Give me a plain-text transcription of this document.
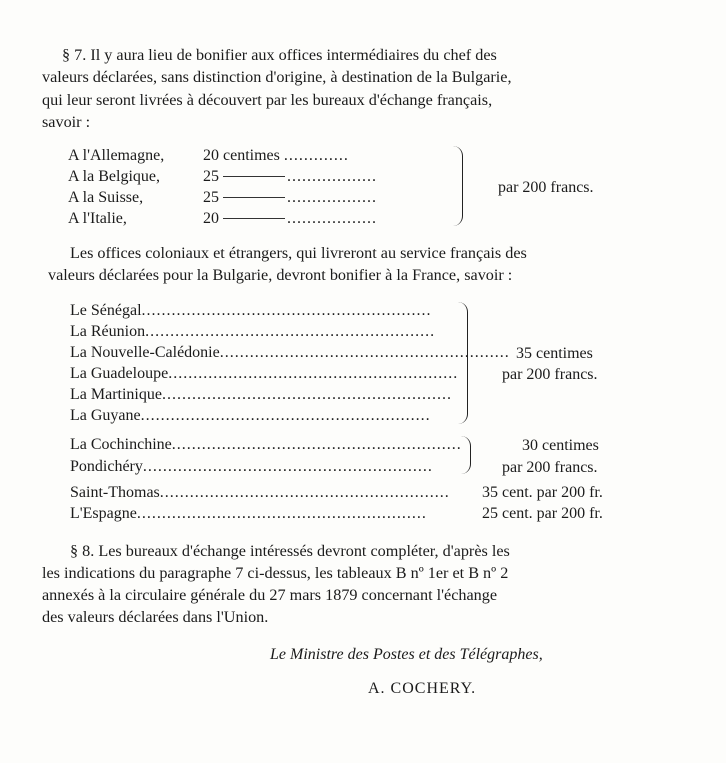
§ 7. Il y aura lieu de bonifier aux offices intermédiaires du chef des
valeurs déclarées, sans distinction d'origine, à destination de la Bulgarie,
qui leur seront livrées à découvert par les bureaux d'échange français,
savoir :
A l'Allemagne, 20 centimes .............
A la Belgique,	25	..................
A la Suisse,	25	..................
A l'Italie,	20	..................
par 200 francs.
Les offices coloniaux et étrangers, qui livreront au service français des
valeurs déclarées pour la Bulgarie, devront bonifier à la France, savoir :
Le Sénégal..........................................................
La Réunion..........................................................
La Nouvelle-Calédonie..........................................................
La Guadeloupe..........................................................
La Martinique..........................................................
La Guyane..........................................................
35 centimes
par 200 francs.
La Cochinchine..........................................................
Pondichéry..........................................................
30 centimes
par 200 francs.
Saint-Thomas..........................................................	35 cent. par 200 fr.
L'Espagne..........................................................	25 cent. par 200 fr.
§ 8. Les bureaux d'échange intéressés devront compléter, d'après les
les indications du paragraphe 7 ci-dessus, les tableaux B nº 1er et B nº 2
annexés à la circulaire générale du 27 mars 1879 concernant l'échange
des valeurs déclarées dans l'Union.
Le Ministre des Postes et des Télégraphes,
A. COCHERY.
